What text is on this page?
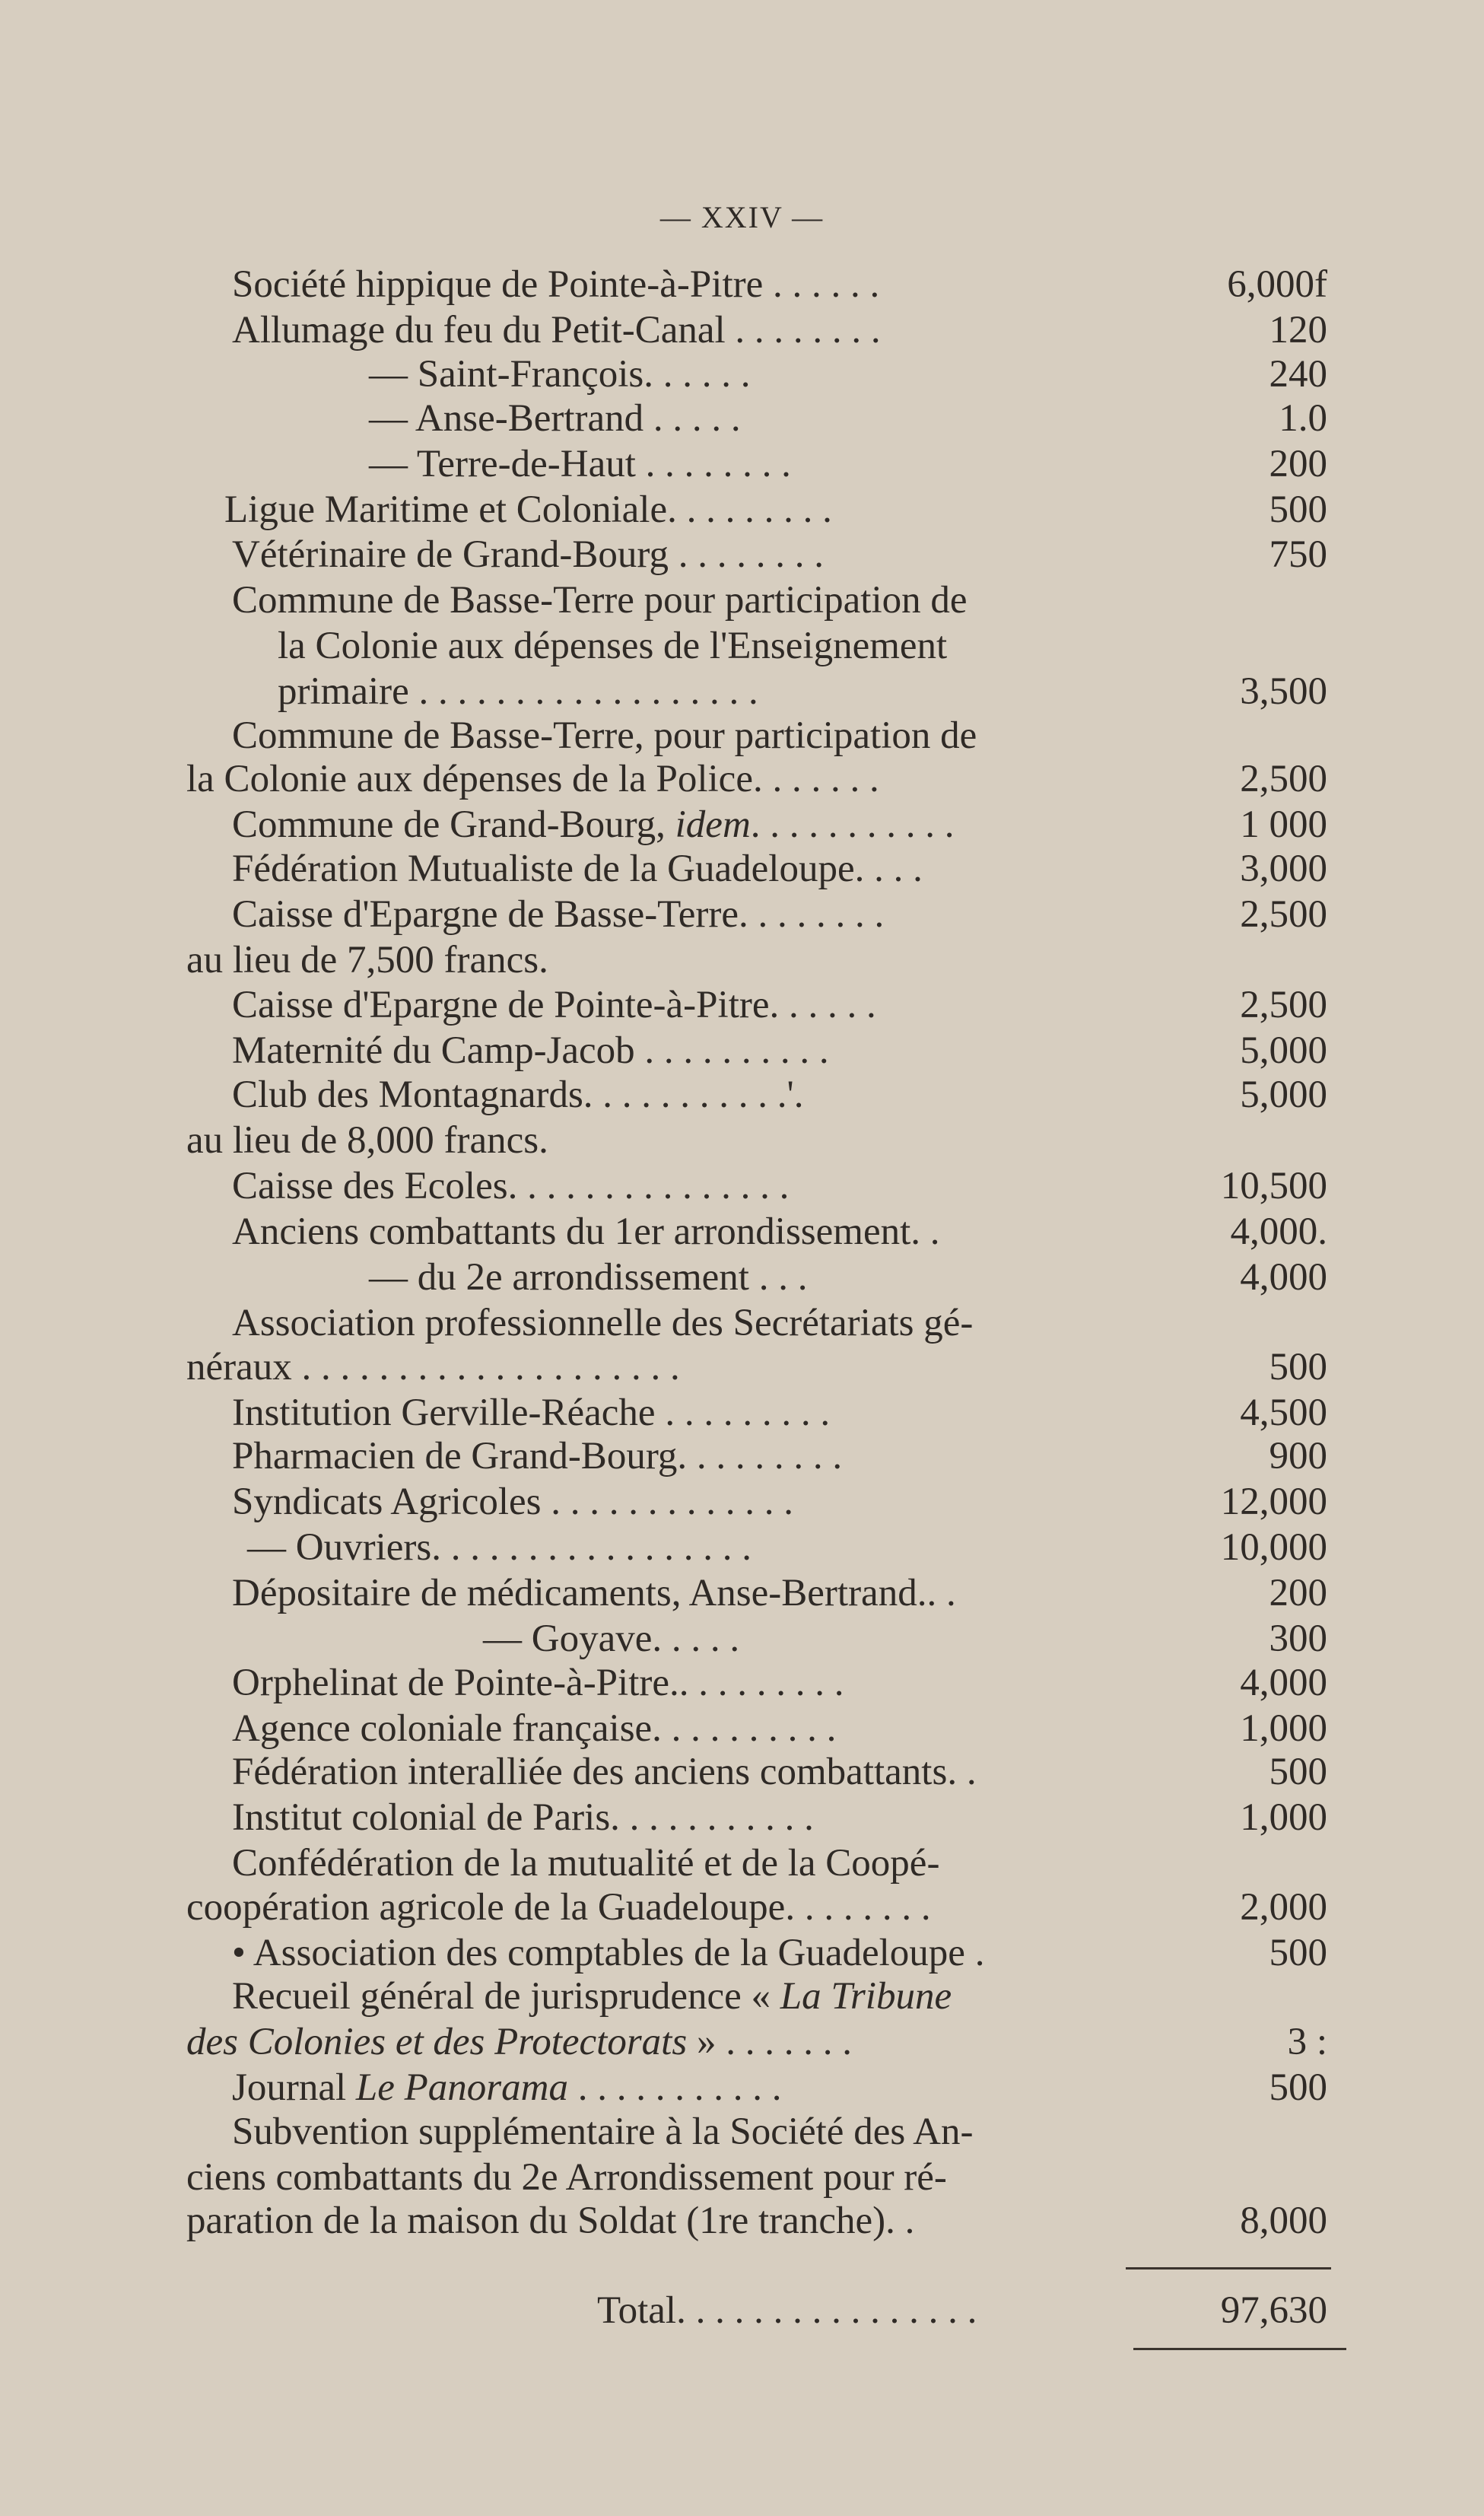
— XXIV —
Société hippique de Pointe-à-Pitre . . . . . .	6,000f
Allumage du feu du Petit-Canal . . . . . . . .	120
— Saint-François. . . . . .	240
— Anse-Bertrand . . . . .	1.0
— Terre-de-Haut . . . . . . . .	200
Ligue Maritime et Coloniale. . . . . . . . .	500
Vétérinaire de Grand-Bourg . . . . . . . .	750
Commune de Basse-Terre pour participation de
la Colonie aux dépenses de l'Enseignement
primaire . . . . . . . . . . . . . . . . . .	3,500
Commune de Basse-Terre, pour participation de
la Colonie aux dépenses de la Police. . . . . . .	2,500
Commune de Grand-Bourg, idem. . . . . . . . . . .	1 000
Fédération Mutualiste de la Guadeloupe. . . .	3,000
Caisse d'Epargne de Basse-Terre. . . . . . . .	2,500
au lieu de 7,500 francs.
Caisse d'Epargne de Pointe-à-Pitre. . . . . .	2,500
Maternité du Camp-Jacob . . . . . . . . . .	5,000
Club des Montagnards. . . . . . . . . . .'.	5,000
au lieu de 8,000 francs.
Caisse des Ecoles. . . . . . . . . . . . . . .	10,500
Anciens combattants du 1er arrondissement. .	4,000.
— du 2e arrondissement . . .	4,000
Association professionnelle des Secrétariats gé-
néraux . . . . . . . . . . . . . . . . . . . .	500
Institution Gerville-Réache . . . . . . . . .	4,500
Pharmacien de Grand-Bourg. . . . . . . . .	900
Syndicats Agricoles . . . . . . . . . . . . .	12,000
— Ouvriers. . . . . . . . . . . . . . . . .	10,000
Dépositaire de médicaments, Anse-Bertrand.. .	200
— Goyave. . . . .	300
Orphelinat de Pointe-à-Pitre.. . . . . . . . .	4,000
Agence coloniale française. . . . . . . . . .	1,000
Fédération interalliée des anciens combattants. .	500
Institut colonial de Paris. . . . . . . . . . .	1,000
Confédération de la mutualité et de la Coopé-
coopération agricole de la Guadeloupe. . . . . . . .	2,000
• Association des comptables de la Guadeloupe .	500
Recueil général de jurisprudence « La Tribune
des Colonies et des Protectorats » . . . . . . .	3 :
Journal Le Panorama . . . . . . . . . . .	500
Subvention supplémentaire à la Société des An-
ciens combattants du 2e Arrondissement pour ré-
paration de la maison du Soldat (1re tranche). .	8,000
Total. . . . . . . . . . . . . . . .	97,630
